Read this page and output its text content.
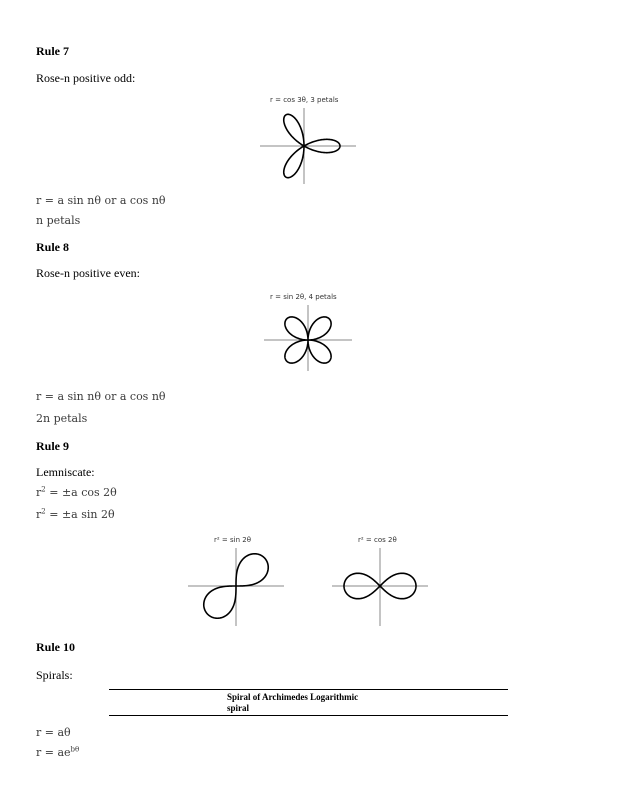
Rule 7
Rose-n positive odd:
r = cos 3θ, 3 petals
r = a sin nθ or a cos nθ
n petals
Rule 8
Rose-n positive even:
r = sin 2θ, 4 petals
r = a sin nθ or a cos nθ
2n petals
Rule 9
Lemniscate:
$r^2 = \pm a$ cos 2θ
$r^2 = \pm a$ sin 2θ
r² = sin 2θ	r² = cos 2θ
Rule 10
Spirals:
Spiral of Archimedes Logarithmic
spiral
r = aθ
$r = ae^{b\theta}$
